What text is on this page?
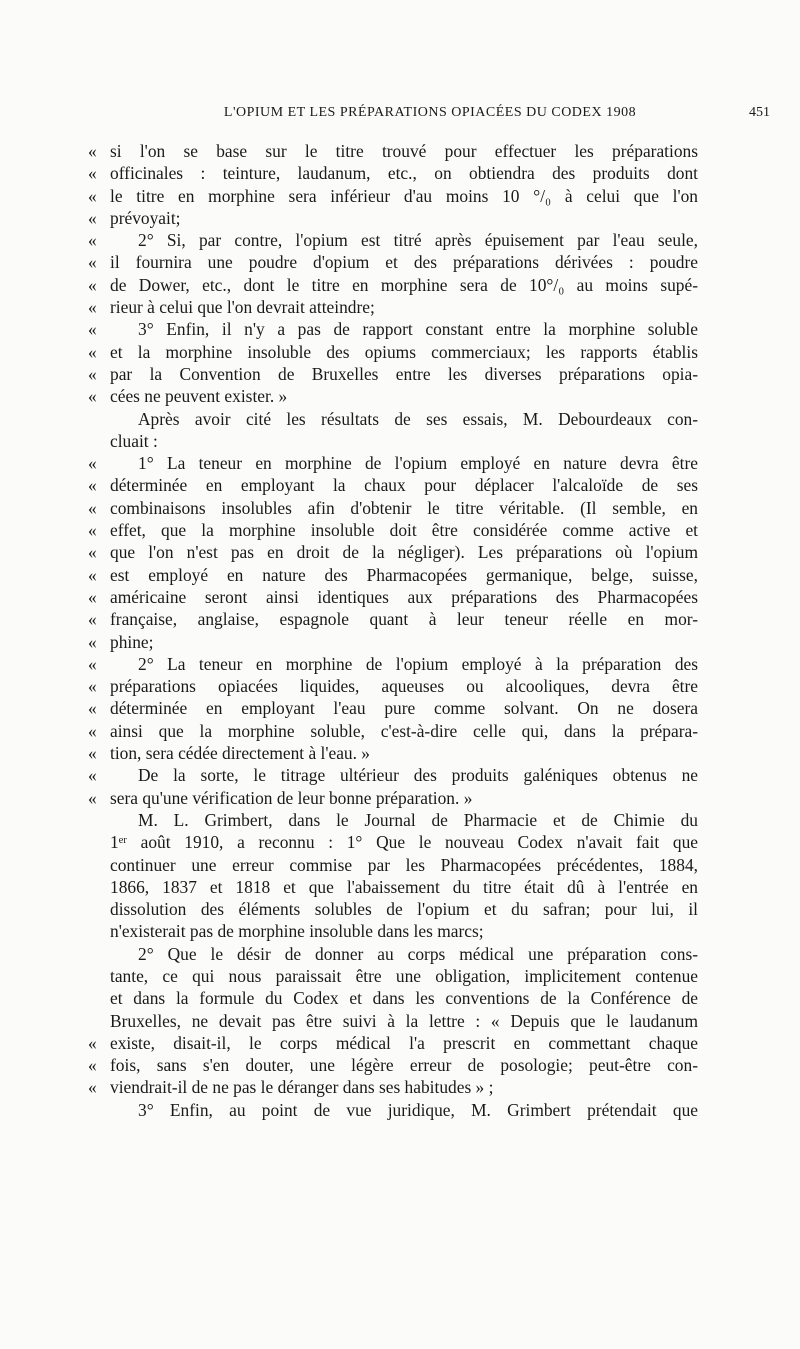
L'OPIUM ET LES PRÉPARATIONS OPIACÉES DU CODEX 1908	451
« si l'on se base sur le titre trouvé pour effectuer les préparations
« officinales : teinture, laudanum, etc., on obtiendra des produits dont
« le titre en morphine sera inférieur d'au moins 10 °/₀ à celui que l'on
« prévoyait;
« 2° Si, par contre, l'opium est titré après épuisement par l'eau seule,
« il fournira une poudre d'opium et des préparations dérivées : poudre
« de Dower, etc., dont le titre en morphine sera de 10°/₀ au moins supé-
« rieur à celui que l'on devrait atteindre;
« 3° Enfin, il n'y a pas de rapport constant entre la morphine soluble
« et la morphine insoluble des opiums commerciaux; les rapports établis
« par la Convention de Bruxelles entre les diverses préparations opia-
« cées ne peuvent exister. »
Après avoir cité les résultats de ses essais, M. Debourdeaux con-
cluait :
« 1° La teneur en morphine de l'opium employé en nature devra être
« déterminée en employant la chaux pour déplacer l'alcaloïde de ses
« combinaisons insolubles afin d'obtenir le titre véritable. (Il semble, en
« effet, que la morphine insoluble doit être considérée comme active et
« que l'on n'est pas en droit de la négliger). Les préparations où l'opium
« est employé en nature des Pharmacopées germanique, belge, suisse,
« américaine seront ainsi identiques aux préparations des Pharmacopées
« française, anglaise, espagnole quant à leur teneur réelle en mor-
« phine;
« 2° La teneur en morphine de l'opium employé à la préparation des
« préparations opiacées liquides, aqueuses ou alcooliques, devra être
« déterminée en employant l'eau pure comme solvant. On ne dosera
« ainsi que la morphine soluble, c'est-à-dire celle qui, dans la prépara-
« tion, sera cédée directement à l'eau. »
« De la sorte, le titrage ultérieur des produits galéniques obtenus ne
« sera qu'une vérification de leur bonne préparation. »
M. L. Grimbert, dans le Journal de Pharmacie et de Chimie du
1ᵉʳ août 1910, a reconnu : 1° Que le nouveau Codex n'avait fait que
continuer une erreur commise par les Pharmacopées précédentes, 1884,
1866, 1837 et 1818 et que l'abaissement du titre était dû à l'entrée en
dissolution des éléments solubles de l'opium et du safran; pour lui, il
n'existerait pas de morphine insoluble dans les marcs;
2° Que le désir de donner au corps médical une préparation cons-
tante, ce qui nous paraissait être une obligation, implicitement contenue
et dans la formule du Codex et dans les conventions de la Conférence de
Bruxelles, ne devait pas être suivi à la lettre : « Depuis que le laudanum
« existe, disait-il, le corps médical l'a prescrit en commettant chaque
« fois, sans s'en douter, une légère erreur de posologie; peut-être con-
« viendrait-il de ne pas le déranger dans ses habitudes » ;
3° Enfin, au point de vue juridique, M. Grimbert prétendait que
